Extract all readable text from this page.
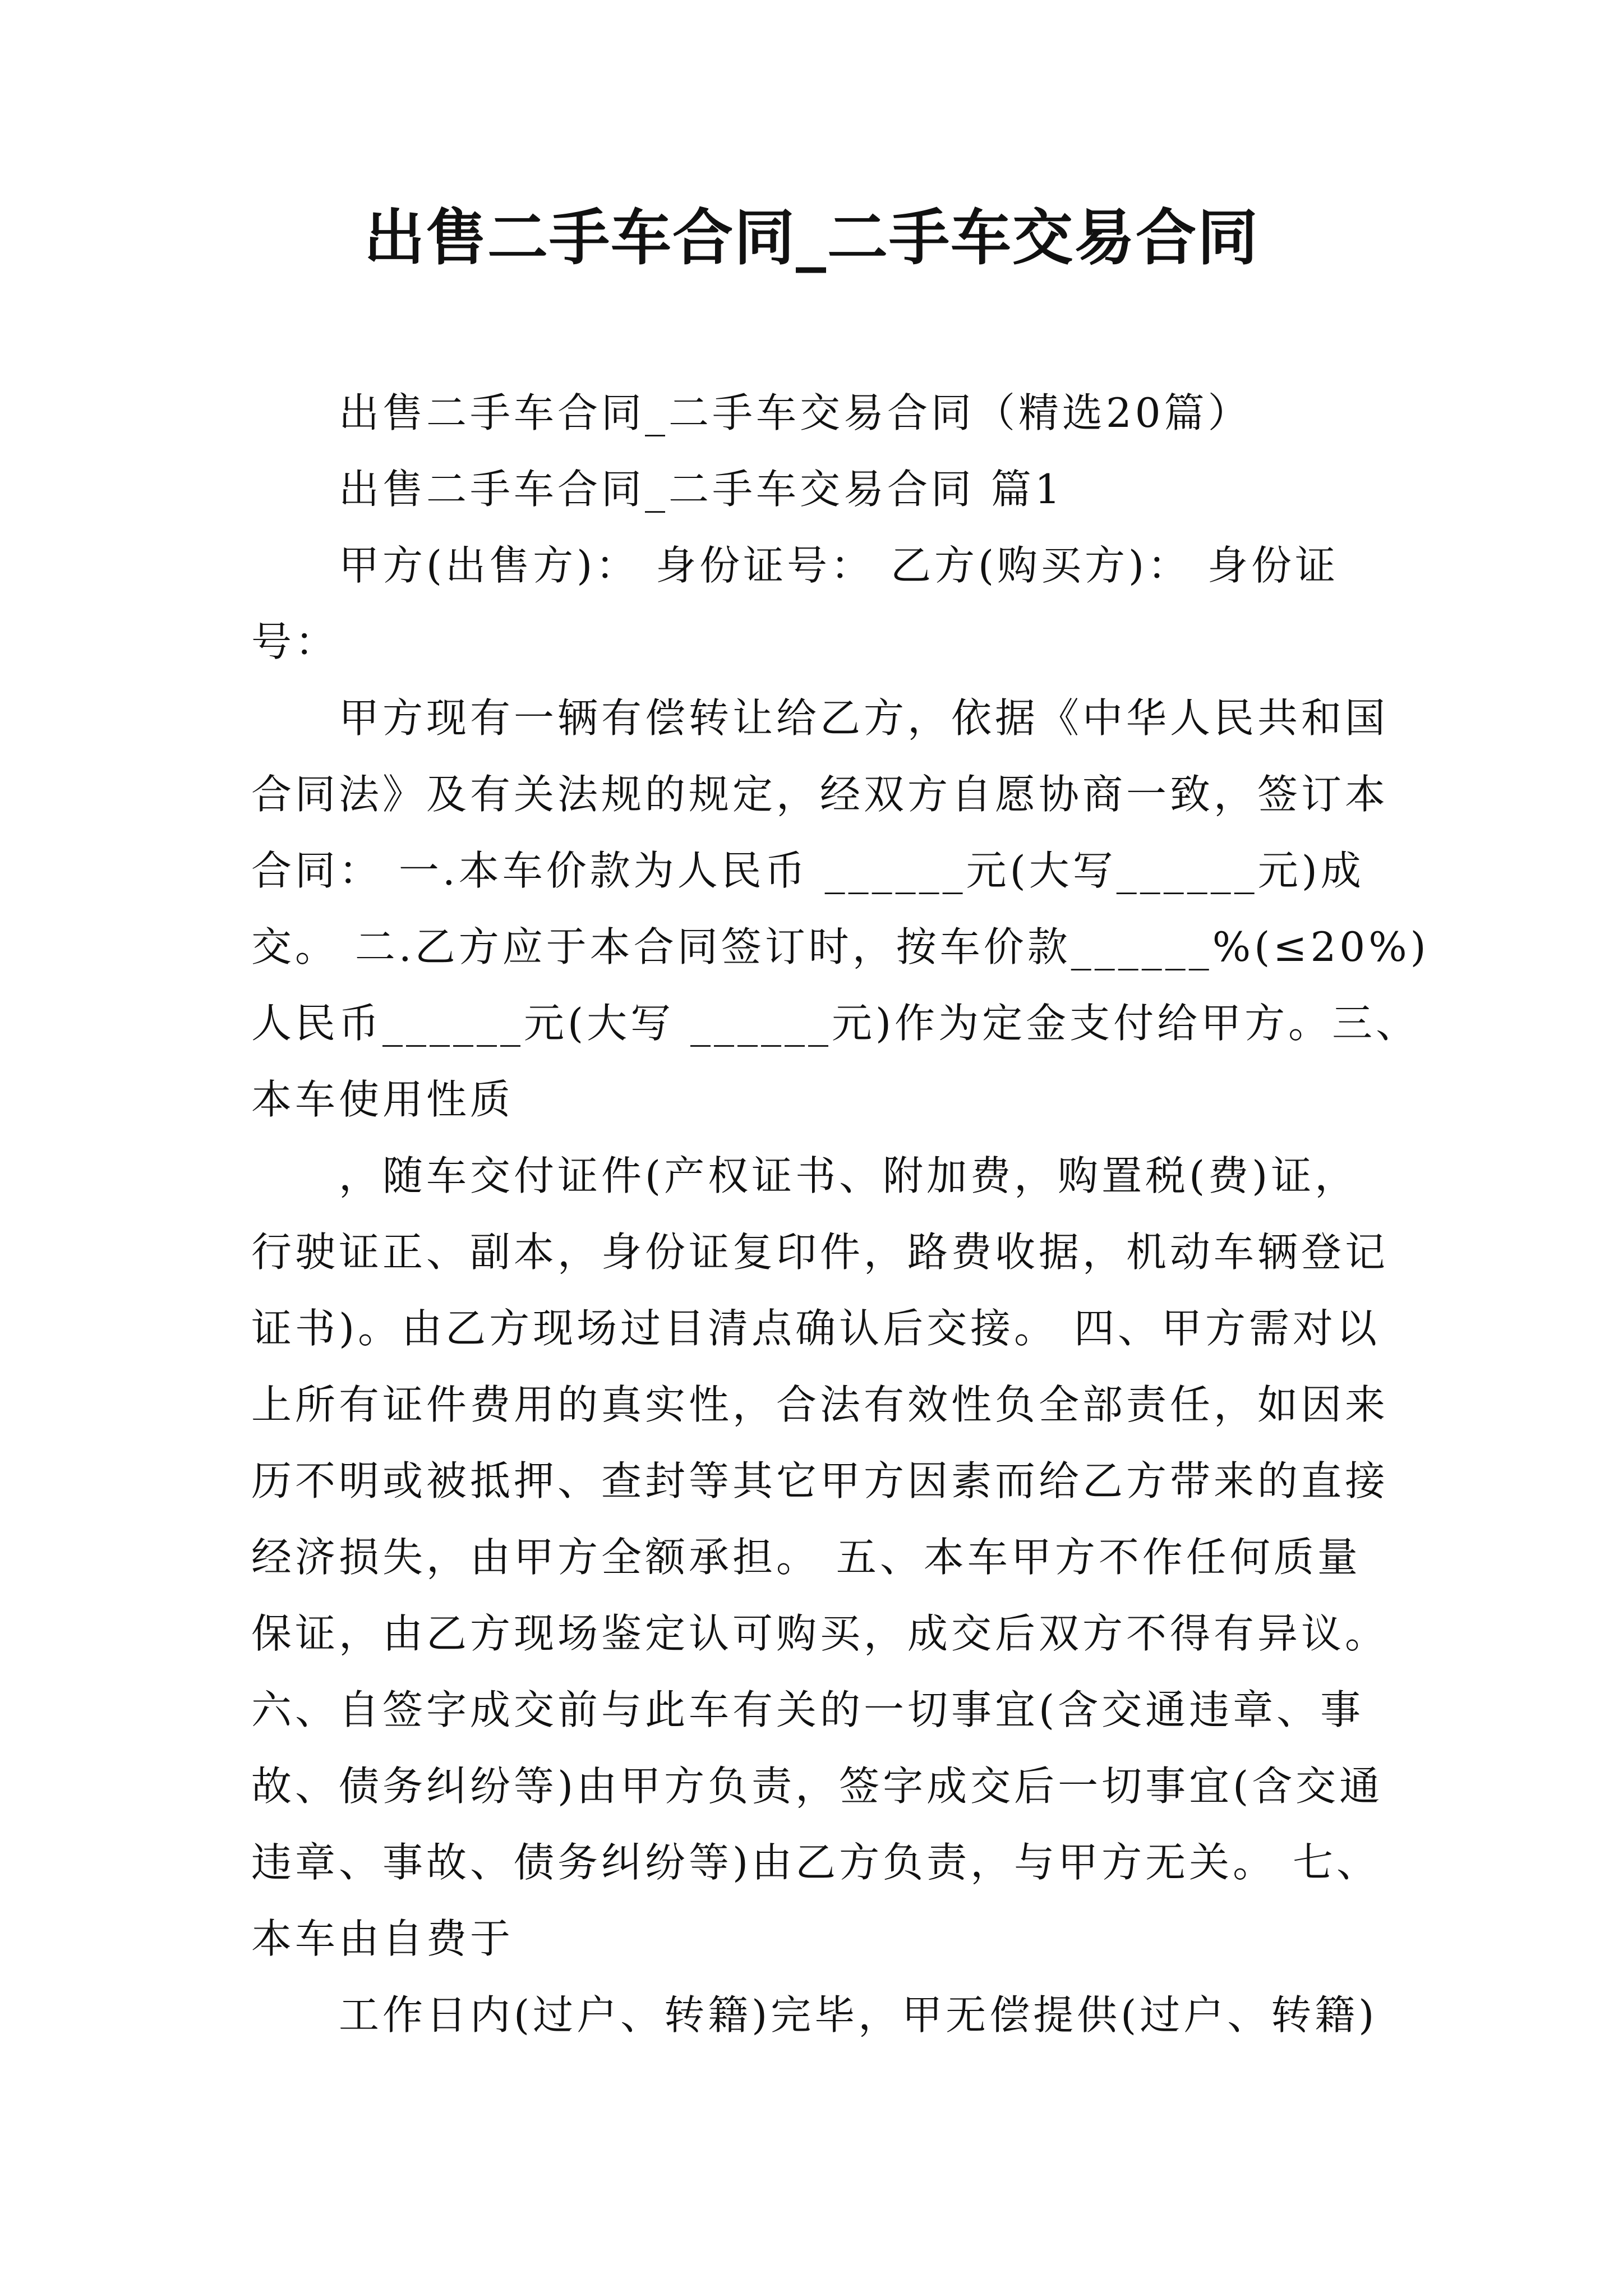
出售二手车合同_二手车交易合同
出售二手车合同_二手车交易合同（精选20篇）
出售二手车合同_二手车交易合同 篇1
甲方(出售方)： 身份证号： 乙方(购买方)： 身份证
号：
甲方现有一辆有偿转让给乙方，依据《中华人民共和国
合同法》及有关法规的规定，经双方自愿协商一致，签订本
合同： 一.本车价款为人民币 ______元(大写______元)成
交。 二.乙方应于本合同签订时，按车价款______%(≤20%)
人民币______元(大写 ______元)作为定金支付给甲方。三、
本车使用性质
，随车交付证件(产权证书、附加费，购置税(费)证，
行驶证正、副本，身份证复印件，路费收据，机动车辆登记
证书)。由乙方现场过目清点确认后交接。 四、甲方需对以
上所有证件费用的真实性，合法有效性负全部责任，如因来
历不明或被抵押、查封等其它甲方因素而给乙方带来的直接
经济损失，由甲方全额承担。 五、本车甲方不作任何质量
保证，由乙方现场鉴定认可购买，成交后双方不得有异议。
六、自签字成交前与此车有关的一切事宜(含交通违章、事
故、债务纠纷等)由甲方负责，签字成交后一切事宜(含交通
违章、事故、债务纠纷等)由乙方负责，与甲方无关。 七、
本车由自费于
工作日内(过户、转籍)完毕，甲无偿提供(过户、转籍)
